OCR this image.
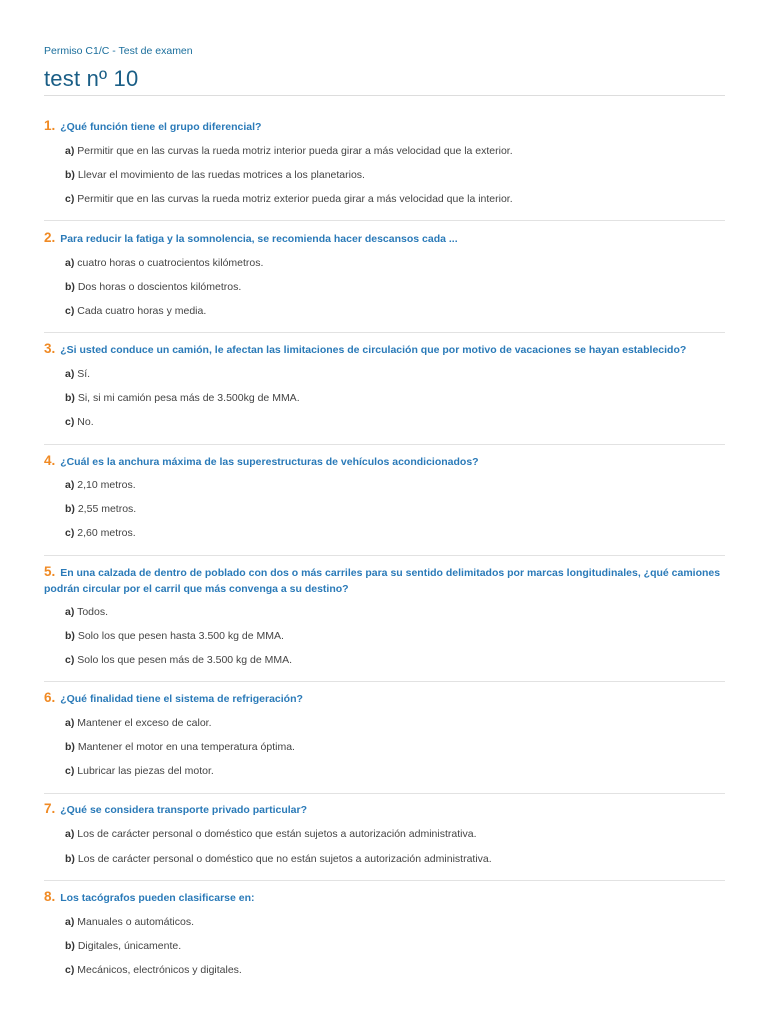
Permiso C1/C - Test de examen
test nº 10
1. ¿Qué función tiene el grupo diferencial?
a) Permitir que en las curvas la rueda motriz interior pueda girar a más velocidad que la exterior.
b) Llevar el movimiento de las ruedas motrices a los planetarios.
c) Permitir que en las curvas la rueda motriz exterior pueda girar a más velocidad que la interior.
2. Para reducir la fatiga y la somnolencia, se recomienda hacer descansos cada ...
a) cuatro horas o cuatrocientos kilómetros.
b) Dos horas o doscientos kilómetros.
c) Cada cuatro horas y media.
3. ¿Si usted conduce un camión, le afectan las limitaciones de circulación que por motivo de vacaciones se hayan establecido?
a) Sí.
b) Si, si mi camión pesa más de 3.500kg de MMA.
c) No.
4. ¿Cuál es la anchura máxima de las superestructuras de vehículos acondicionados?
a) 2,10 metros.
b) 2,55 metros.
c) 2,60 metros.
5. En una calzada de dentro de poblado con dos o más carriles para su sentido delimitados por marcas longitudinales, ¿qué camiones podrán circular por el carril que más convenga a su destino?
a) Todos.
b) Solo los que pesen hasta 3.500 kg de MMA.
c) Solo los que pesen más de 3.500 kg de MMA.
6. ¿Qué finalidad tiene el sistema de refrigeración?
a) Mantener el exceso de calor.
b) Mantener el motor en una temperatura óptima.
c) Lubricar las piezas del motor.
7. ¿Qué se considera transporte privado particular?
a) Los de carácter personal o doméstico que están sujetos a autorización administrativa.
b) Los de carácter personal o doméstico que no están sujetos a autorización administrativa.
8. Los tacógrafos pueden clasificarse en:
a) Manuales o automáticos.
b) Digitales, únicamente.
c) Mecánicos, electrónicos y digitales.
